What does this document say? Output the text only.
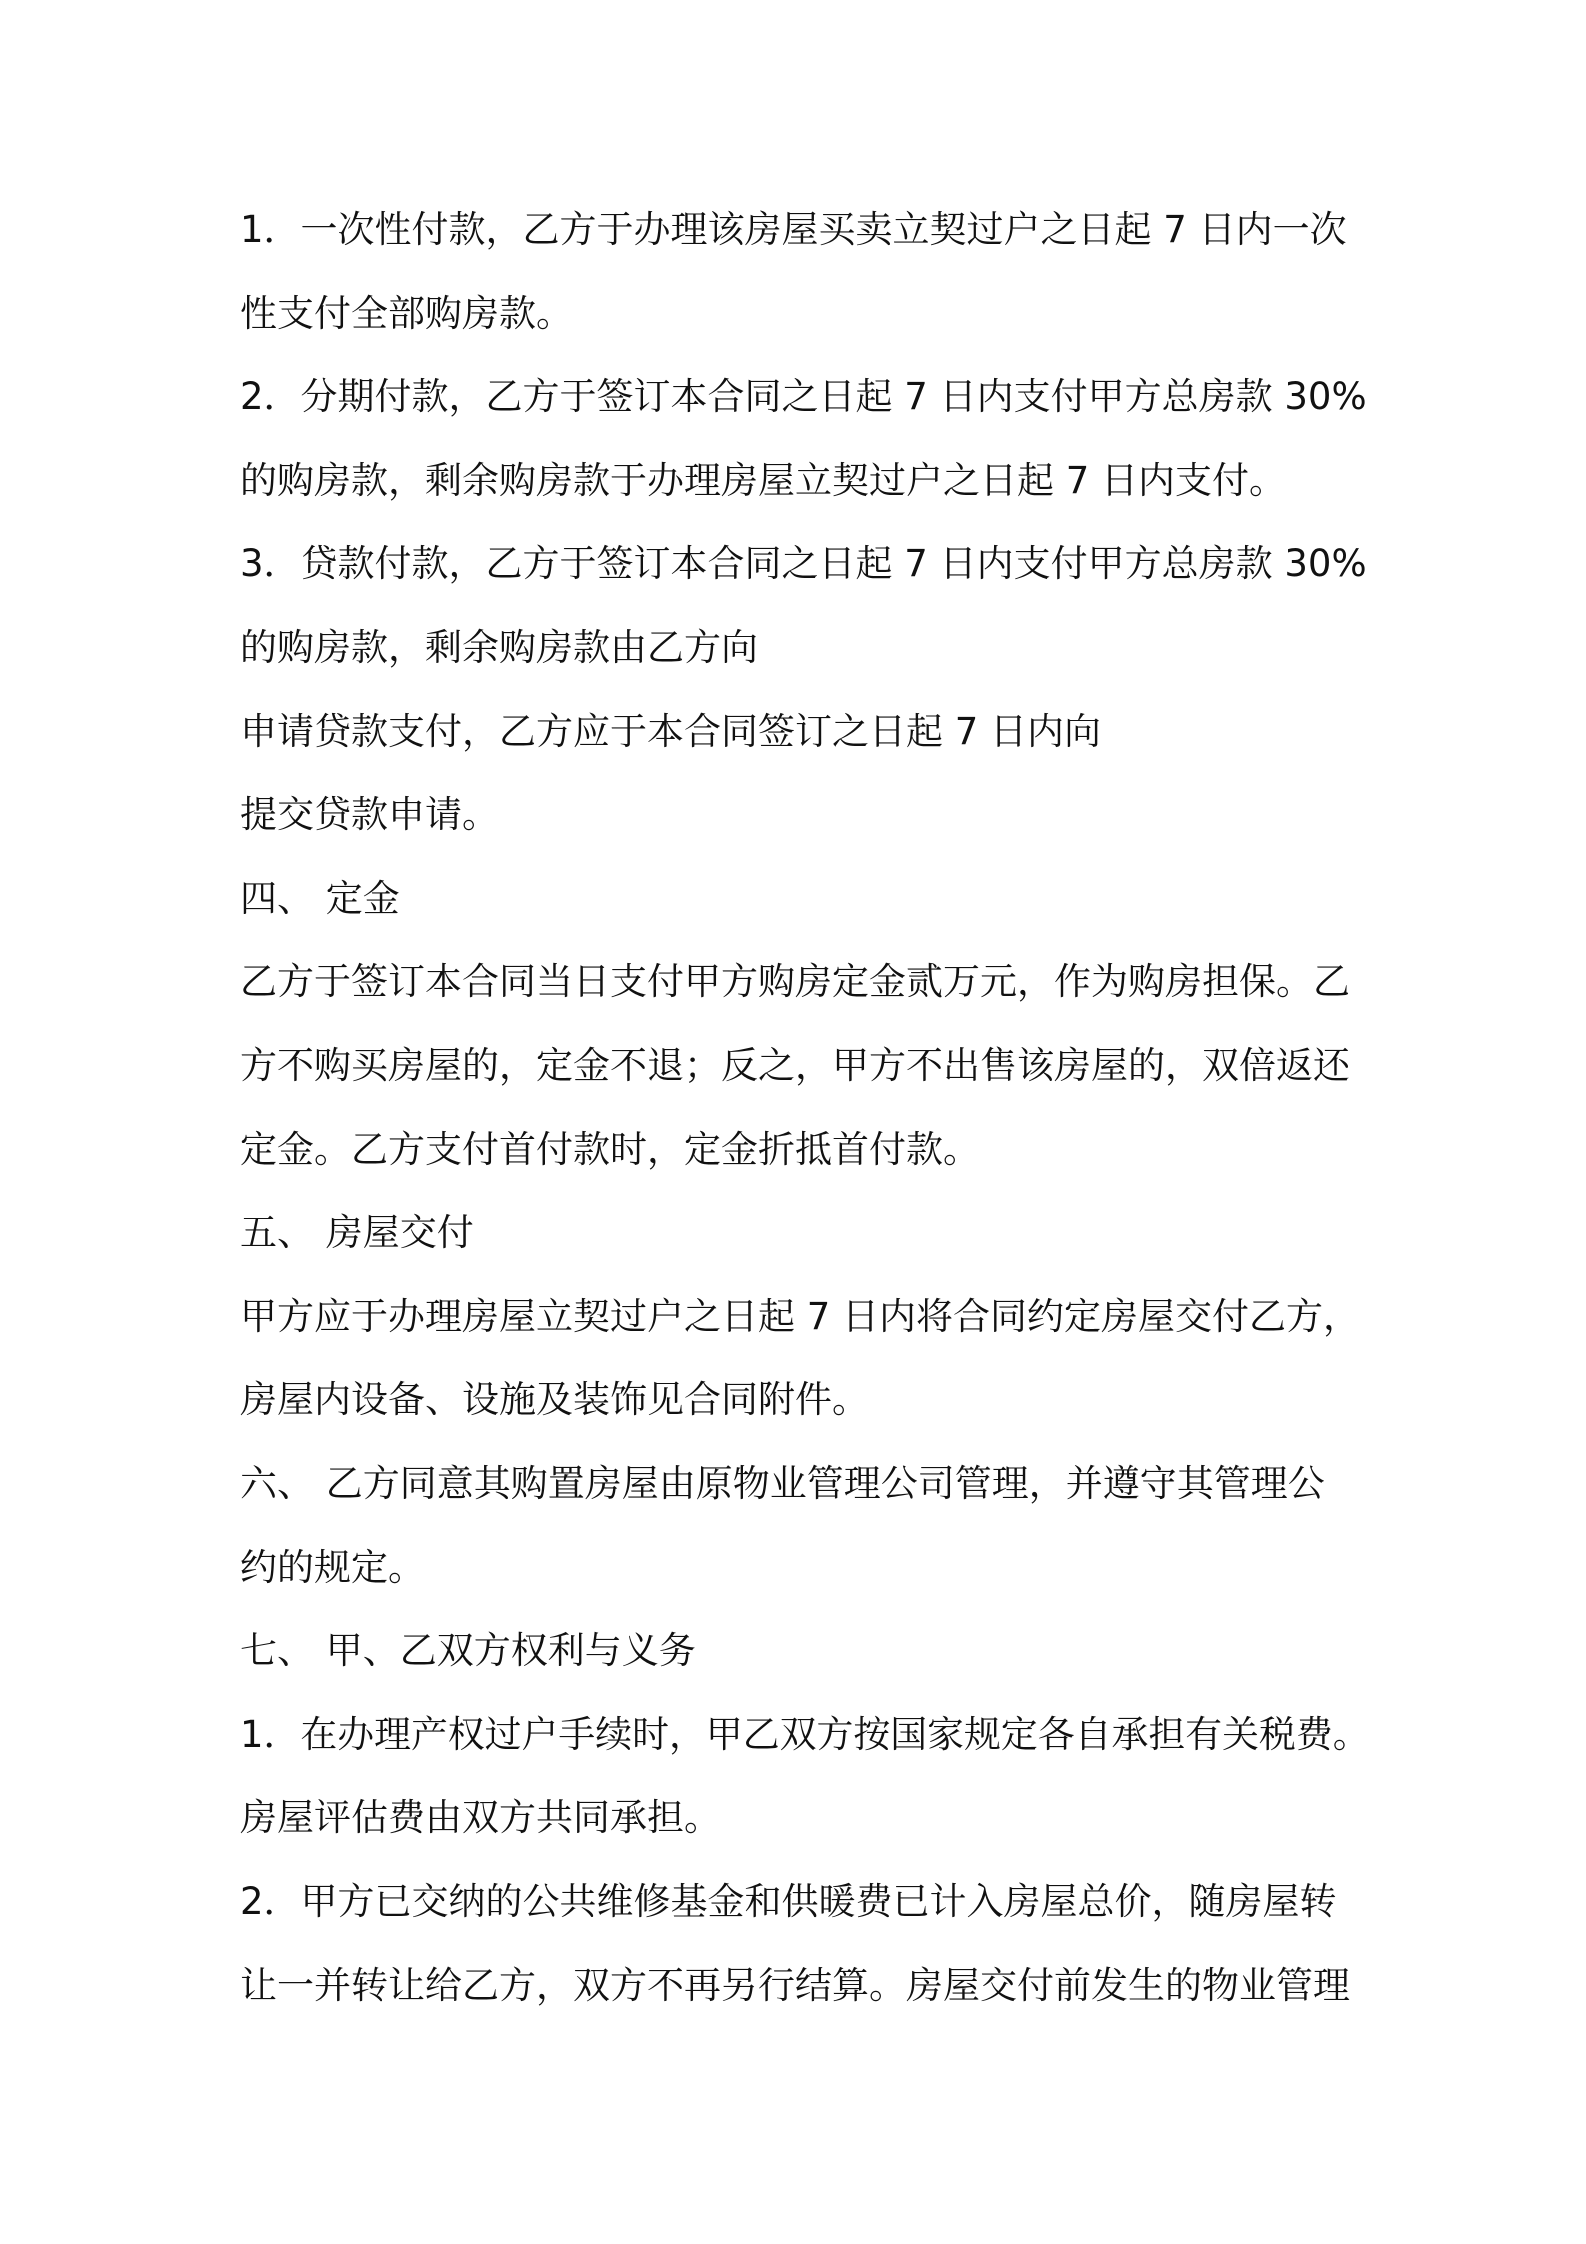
1．一次性付款，乙方于办理该房屋买卖立契过户之日起 7 日内一次

性支付全部购房款。

2．分期付款，乙方于签订本合同之日起 7 日内支付甲方总房款 30%

的购房款，剩余购房款于办理房屋立契过户之日起 7 日内支付。

3．贷款付款，乙方于签订本合同之日起 7 日内支付甲方总房款 30%

的购房款，剩余购房款由乙方向

申请贷款支付，乙方应于本合同签订之日起 7 日内向

提交贷款申请。

四、 定金

乙方于签订本合同当日支付甲方购房定金贰万元，作为购房担保。乙

方不购买房屋的，定金不退；反之，甲方不出售该房屋的，双倍返还

定金。乙方支付首付款时，定金折抵首付款。

五、 房屋交付

甲方应于办理房屋立契过户之日起 7 日内将合同约定房屋交付乙方，

房屋内设备、设施及装饰见合同附件。

六、 乙方同意其购置房屋由原物业管理公司管理，并遵守其管理公

约的规定。

七、 甲、乙双方权利与义务

1．在办理产权过户手续时，甲乙双方按国家规定各自承担有关税费。

房屋评估费由双方共同承担。

2．甲方已交纳的公共维修基金和供暖费已计入房屋总价，随房屋转

让一并转让给乙方，双方不再另行结算。房屋交付前发生的物业管理
